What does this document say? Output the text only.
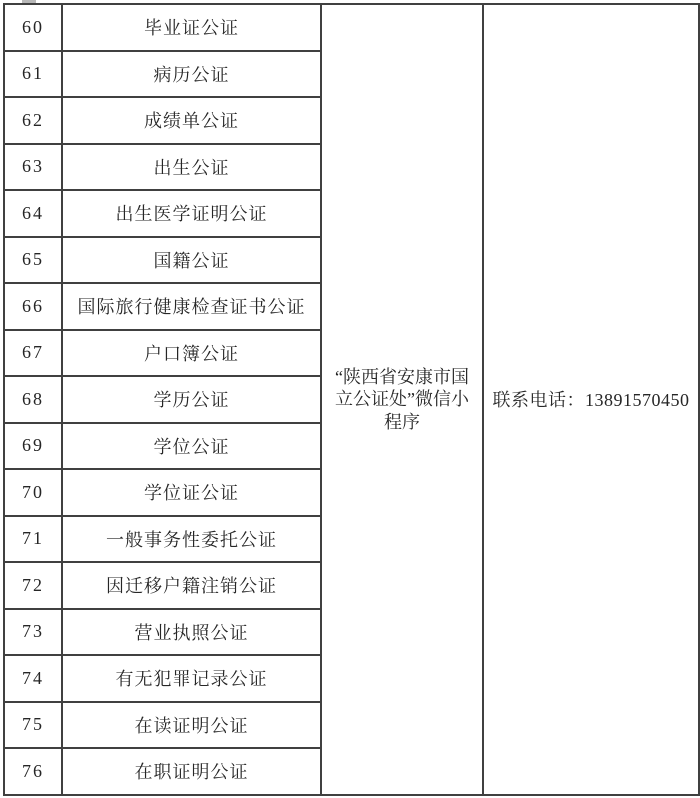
60	毕业证公证	“陕西省安康市国
立公证处”微信小
程序	联系电话：13891570450
61	病历公证		
62	成绩单公证		
63	出生公证		
64	出生医学证明公证		
65	国籍公证		
66	国际旅行健康检查证书公证		
67	户口簿公证		
68	学历公证		
69	学位公证		
70	学位证公证		
71	一般事务性委托公证		
72	因迁移户籍注销公证		
73	营业执照公证		
74	有无犯罪记录公证		
75	在读证明公证		
76	在职证明公证		
